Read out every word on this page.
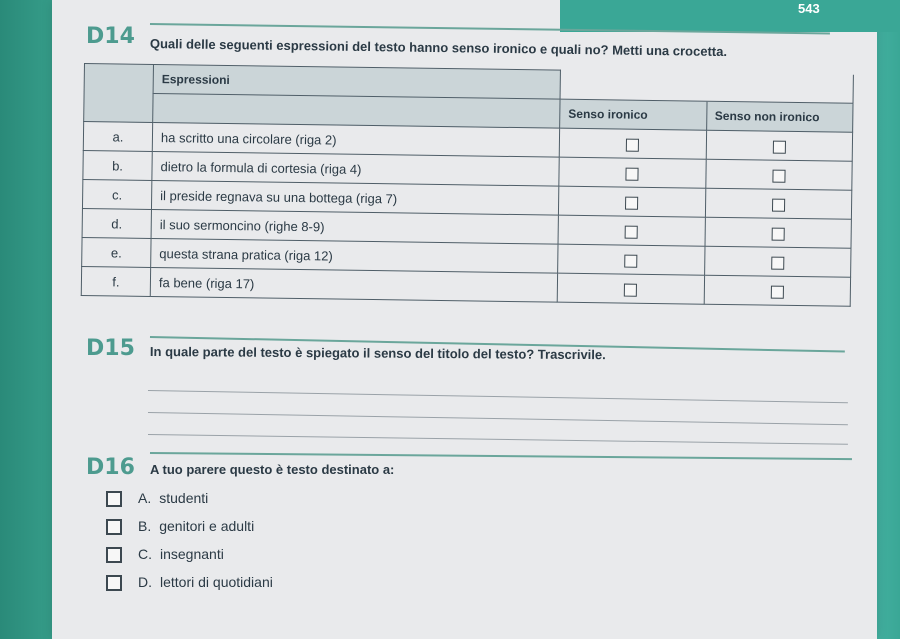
543
D14 Quali delle seguenti espressioni del testo hanno senso ironico e quali no? Metti una crocetta.
	Espressioni		
		Senso ironico	Senso non ironico
a.	ha scritto una circolare (riga 2)		
b.	dietro la formula di cortesia (riga 4)		
c.	il preside regnava su una bottega (riga 7)		
d.	il suo sermoncino (righe 8-9)		
e.	questa strana pratica (riga 12)		
f.	fa bene (riga 17)		
D15 In quale parte del testo è spiegato il senso del titolo del testo? Trascrivile.
D16 A tuo parere questo è testo destinato a:
A. studenti
B. genitori e adulti
C. insegnanti
D. lettori di quotidiani
